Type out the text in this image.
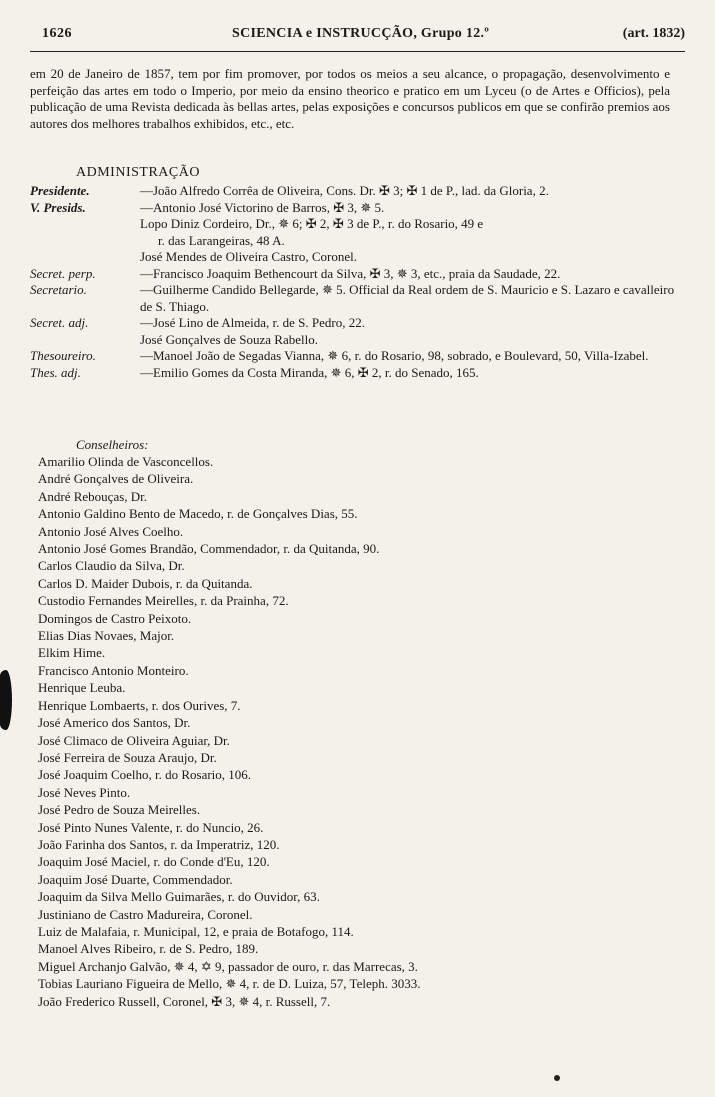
1626	SCIENCIA e INSTRUCÇÃO, Grupo 12.º	(art. 1832)
em 20 de Janeiro de 1857, tem por fim promover, por todos os meios a seu alcance, o propagação, desenvolvimento e perfeição das artes em todo o Imperio, por meio da ensino theorico e pratico em um Lyceu (o de Artes e Officios), pela publicação de uma Revista dedicada às bellas artes, pelas exposições e concursos publicos em que se confirão premios aos autores dos melhores trabalhos exhibidos, etc., etc.
ADMINISTRAÇÃO
Presidente.	—João Alfredo Corrêa de Oliveira, Cons. Dr. ✠ 3; ✠ 1 de P., lad. da Gloria, 2.
V. Presids.	—Antonio José Victorino de Barros, ✠ 3, ✵ 5.
Lopo Diniz Cordeiro, Dr., ✵ 6; ✠ 2, ✠ 3 de P., r. do Rosario, 49 e
r. das Larangeiras, 48 A.
José Mendes de Oliveira Castro, Coronel.
Secret. perp.	—Francisco Joaquim Bethencourt da Silva, ✠ 3, ✵ 3, etc., praia da Saudade, 22.
Secretario.	—Guilherme Candido Bellegarde, ✵ 5. Official da Real ordem de S. Mauricio e S. Lazaro e cavalleiro de S. Thiago.
Secret. adj.	—José Lino de Almeida, r. de S. Pedro, 22.
José Gonçalves de Souza Rabello.
Thesoureiro.	—Manoel João de Segadas Vianna, ✵ 6, r. do Rosario, 98, sobrado, e Boulevard, 50, Villa-Izabel.
Thes. adj.	—Emilio Gomes da Costa Miranda, ✵ 6, ✠ 2, r. do Senado, 165.
Conselheiros:
Amarilio Olinda de Vasconcellos.
André Gonçalves de Oliveira.
André Rebouças, Dr.
Antonio Galdino Bento de Macedo, r. de Gonçalves Dias, 55.
Antonio José Alves Coelho.
Antonio José Gomes Brandão, Commendador, r. da Quitanda, 90.
Carlos Claudio da Silva, Dr.
Carlos D. Maider Dubois, r. da Quitanda.
Custodio Fernandes Meirelles, r. da Prainha, 72.
Domingos de Castro Peixoto.
Elias Dias Novaes, Major.
Elkim Hime.
Francisco Antonio Monteiro.
Henrique Leuba.
Henrique Lombaerts, r. dos Ourives, 7.
José Americo dos Santos, Dr.
José Climaco de Oliveira Aguiar, Dr.
José Ferreira de Souza Araujo, Dr.
José Joaquim Coelho, r. do Rosario, 106.
José Neves Pinto.
José Pedro de Souza Meirelles.
José Pinto Nunes Valente, r. do Nuncio, 26.
João Farinha dos Santos, r. da Imperatriz, 120.
Joaquim José Maciel, r. do Conde d'Eu, 120.
Joaquim José Duarte, Commendador.
Joaquim da Silva Mello Guimarães, r. do Ouvidor, 63.
Justiniano de Castro Madureira, Coronel.
Luiz de Malafaia, r. Municipal, 12, e praia de Botafogo, 114.
Manoel Alves Ribeiro, r. de S. Pedro, 189.
Miguel Archanjo Galvão, ✵ 4, ✡ 9, passador de ouro, r. das Marrecas, 3.
Tobias Lauriano Figueira de Mello, ✵ 4, r. de D. Luiza, 57, Teleph. 3033.
João Frederico Russell, Coronel, ✠ 3, ✵ 4, r. Russell, 7.
